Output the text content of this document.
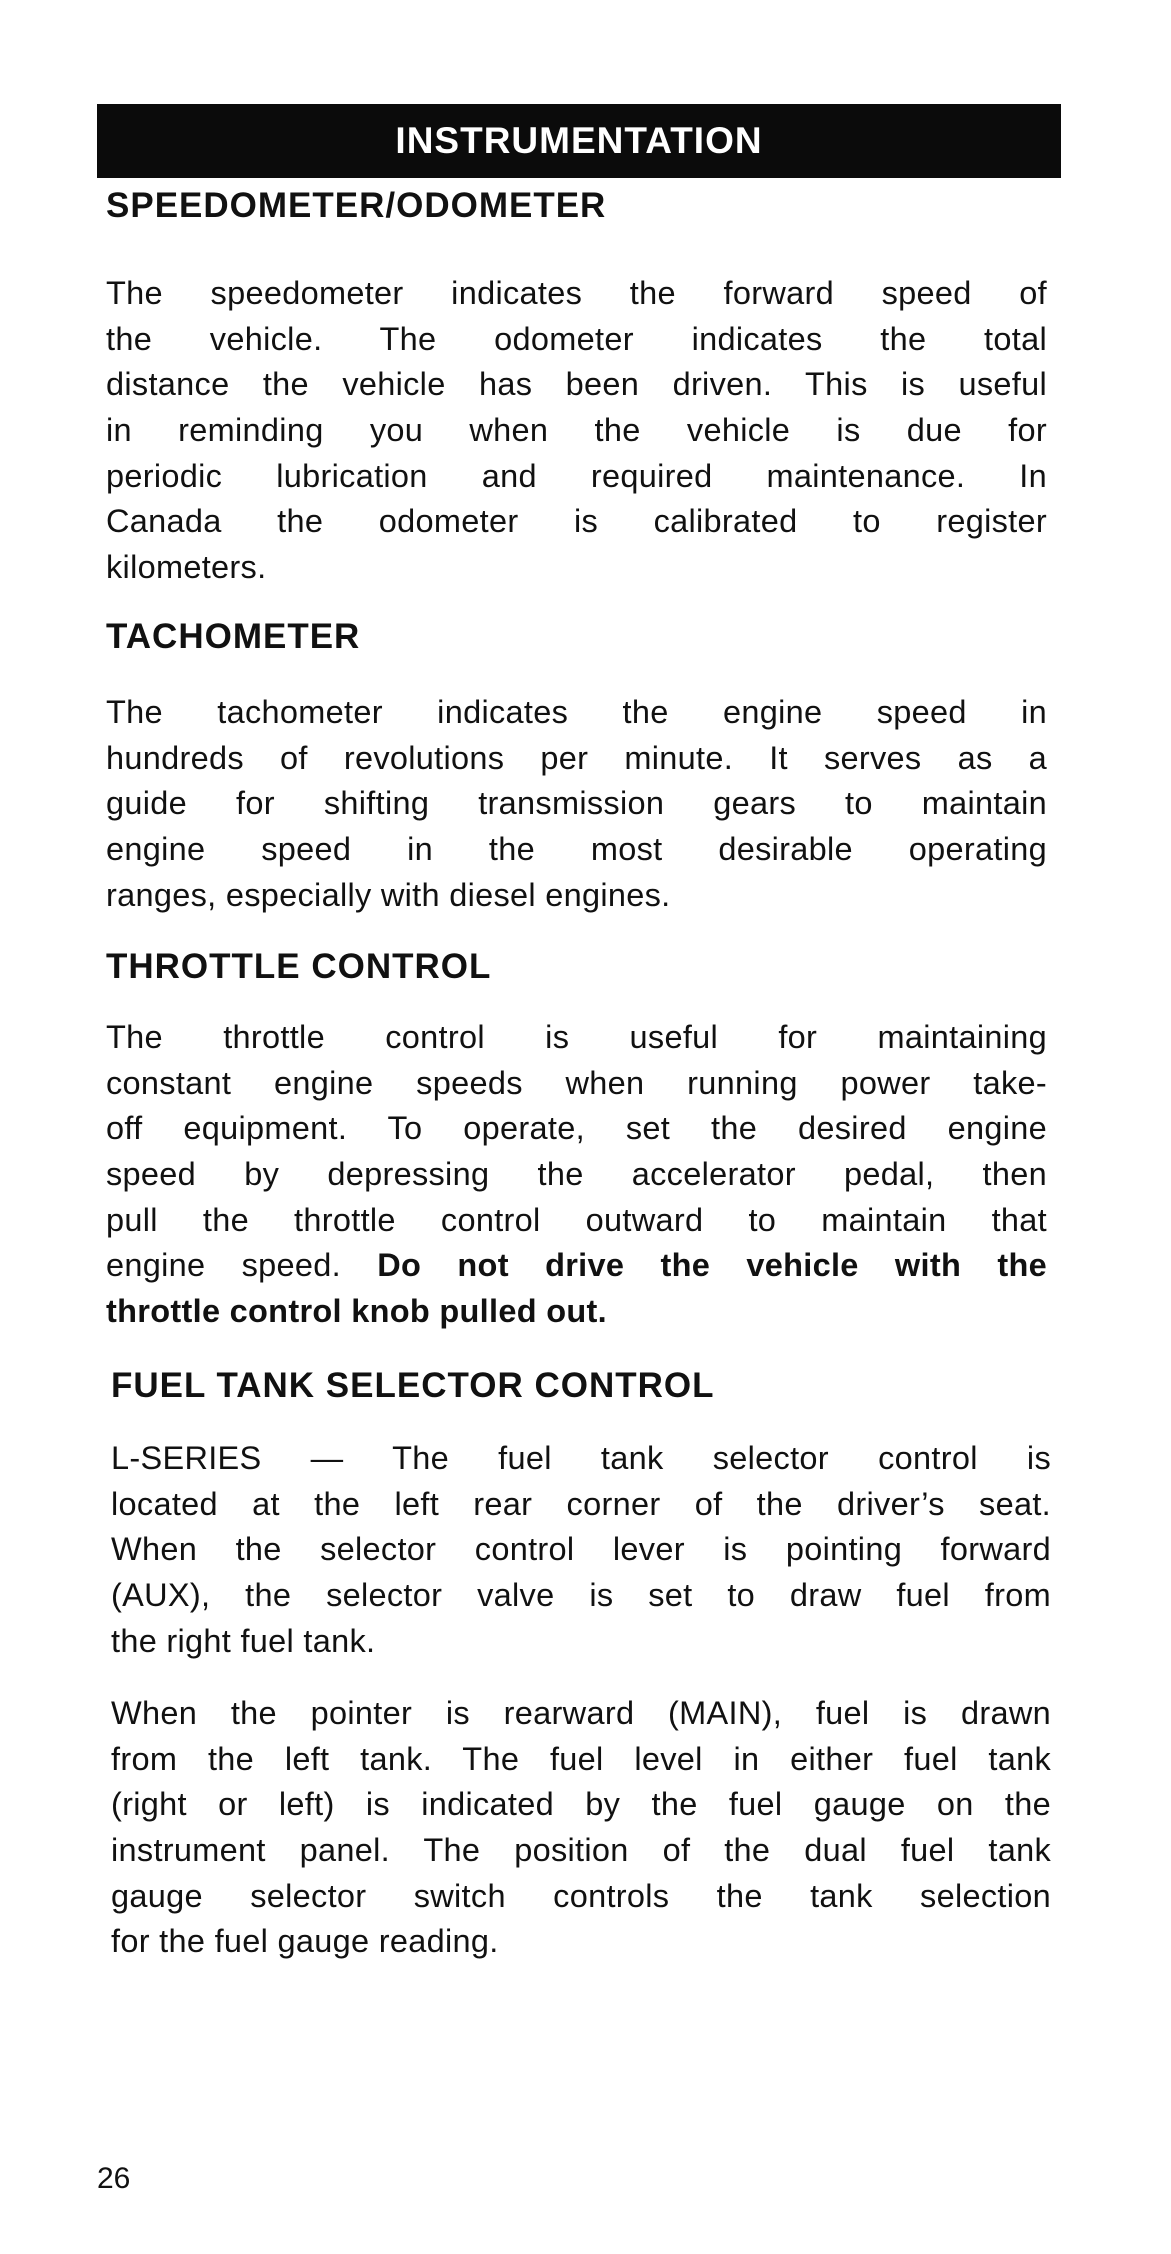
INSTRUMENTATION
SPEEDOMETER/ODOMETER
The speedometer indicates the forward speed of
the vehicle. The odometer indicates the total
distance the vehicle has been driven. This is useful
in reminding you when the vehicle is due for
periodic lubrication and required maintenance. In
Canada the odometer is calibrated to register
kilometers.
TACHOMETER
The tachometer indicates the engine speed in
hundreds of revolutions per minute. It serves as a
guide for shifting transmission gears to maintain
engine speed in the most desirable operating
ranges, especially with diesel engines.
THROTTLE CONTROL
The throttle control is useful for maintaining
constant engine speeds when running power take-
off equipment. To operate, set the desired engine
speed by depressing the accelerator pedal, then
pull the throttle control outward to maintain that
engine speed. Do not drive the vehicle with the
throttle control knob pulled out.
FUEL TANK SELECTOR CONTROL
L-SERIES — The fuel tank selector control is
located at the left rear corner of the driver’s seat.
When the selector control lever is pointing forward
(AUX), the selector valve is set to draw fuel from
the right fuel tank.
When the pointer is rearward (MAIN), fuel is drawn
from the left tank. The fuel level in either fuel tank
(right or left) is indicated by the fuel gauge on the
instrument panel. The position of the dual fuel tank
gauge selector switch controls the tank selection
for the fuel gauge reading.
26
